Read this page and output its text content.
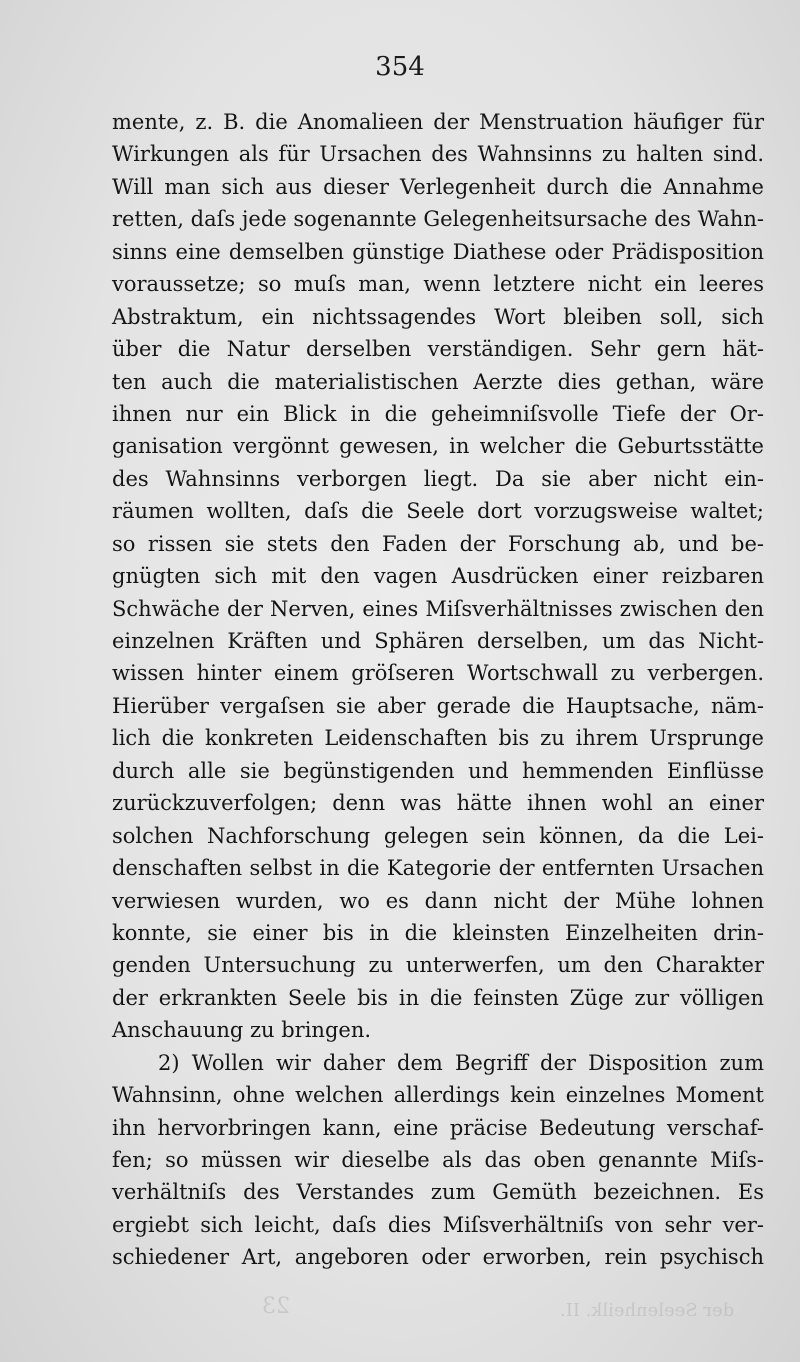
354
mente, z. B. die Anomalieen der Menstruation häufiger für
Wirkungen als für Ursachen des Wahnsinns zu halten sind.
Will man sich aus dieser Verlegenheit durch die Annahme
retten, daſs jede sogenannte Gelegenheitsursache des Wahn-
sinns eine demselben günstige Diathese oder Prädisposition
voraussetze; so muſs man, wenn letztere nicht ein leeres
Abstraktum, ein nichtssagendes Wort bleiben soll, sich
über die Natur derselben verständigen. Sehr gern hät-
ten auch die materialistischen Aerzte dies gethan, wäre
ihnen nur ein Blick in die geheimniſsvolle Tiefe der Or-
ganisation vergönnt gewesen, in welcher die Geburtsstätte
des Wahnsinns verborgen liegt. Da sie aber nicht ein-
räumen wollten, daſs die Seele dort vorzugsweise waltet;
so rissen sie stets den Faden der Forschung ab, und be-
gnügten sich mit den vagen Ausdrücken einer reizbaren
Schwäche der Nerven, eines Miſsverhältnisses zwischen den
einzelnen Kräften und Sphären derselben, um das Nicht-
wissen hinter einem gröſseren Wortschwall zu verbergen.
Hierüber vergaſsen sie aber gerade die Hauptsache, näm-
lich die konkreten Leidenschaften bis zu ihrem Ursprunge
durch alle sie begünstigenden und hemmenden Einflüsse
zurückzuverfolgen; denn was hätte ihnen wohl an einer
solchen Nachforschung gelegen sein können, da die Lei-
denschaften selbst in die Kategorie der entfernten Ursachen
verwiesen wurden, wo es dann nicht der Mühe lohnen
konnte, sie einer bis in die kleinsten Einzelheiten drin-
genden Untersuchung zu unterwerfen, um den Charakter
der erkrankten Seele bis in die feinsten Züge zur völligen
Anschauung zu bringen.
2) Wollen wir daher dem Begriff der Disposition zum
Wahnsinn, ohne welchen allerdings kein einzelnes Moment
ihn hervorbringen kann, eine präcise Bedeutung verschaf-
fen; so müssen wir dieselbe als das oben genannte Miſs-
verhältniſs des Verstandes zum Gemüth bezeichnen. Es
ergiebt sich leicht, daſs dies Miſsverhältniſs von sehr ver-
schiedener Art, angeboren oder erworben, rein psychisch
23	der Seelenheilk. II.
